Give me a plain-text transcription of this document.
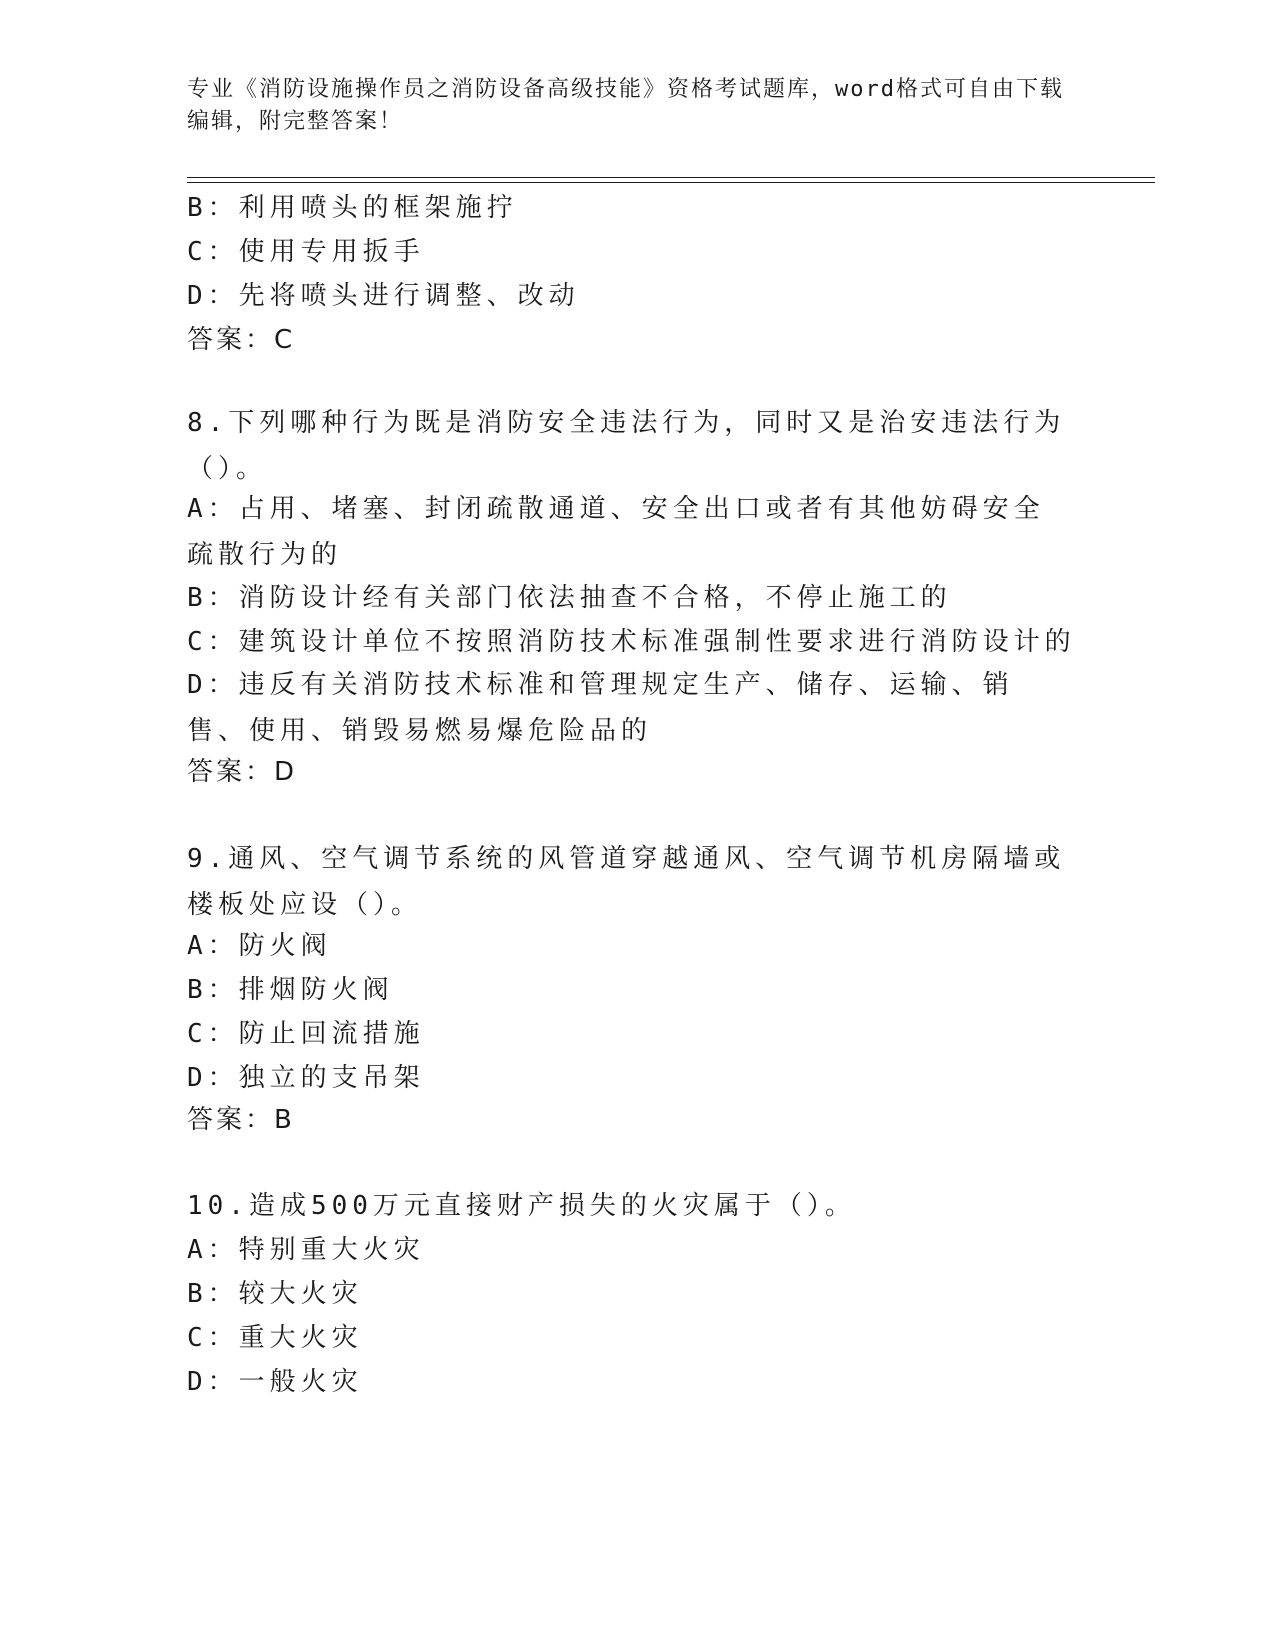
专业《消防设施操作员之消防设备高级技能》资格考试题库，word格式可自由下载编辑，附完整答案！
B：利用喷头的框架施拧
C：使用专用扳手
D：先将喷头进行调整、改动
答案：C
8.下列哪种行为既是消防安全违法行为，同时又是治安违法行为（）。
A：占用、堵塞、封闭疏散通道、安全出口或者有其他妨碍安全疏散行为的
B：消防设计经有关部门依法抽查不合格，不停止施工的
C：建筑设计单位不按照消防技术标准强制性要求进行消防设计的
D：违反有关消防技术标准和管理规定生产、储存、运输、销售、使用、销毁易燃易爆危险品的
答案：D
9.通风、空气调节系统的风管道穿越通风、空气调节机房隔墙或楼板处应设（）。
A：防火阀
B：排烟防火阀
C：防止回流措施
D：独立的支吊架
答案：B
10.造成500万元直接财产损失的火灾属于（）。
A：特别重大火灾
B：较大火灾
C：重大火灾
D：一般火灾
